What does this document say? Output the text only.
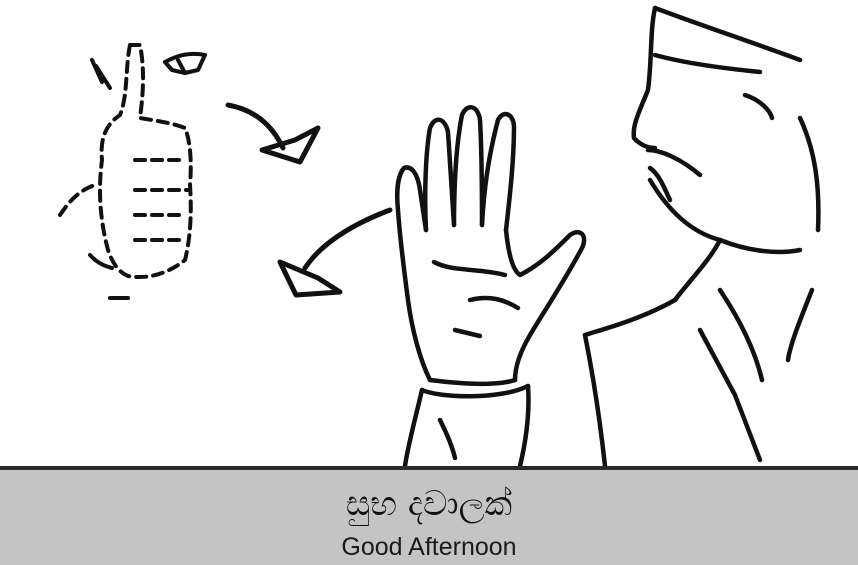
සුභ දවාලක්
Good Afternoon
